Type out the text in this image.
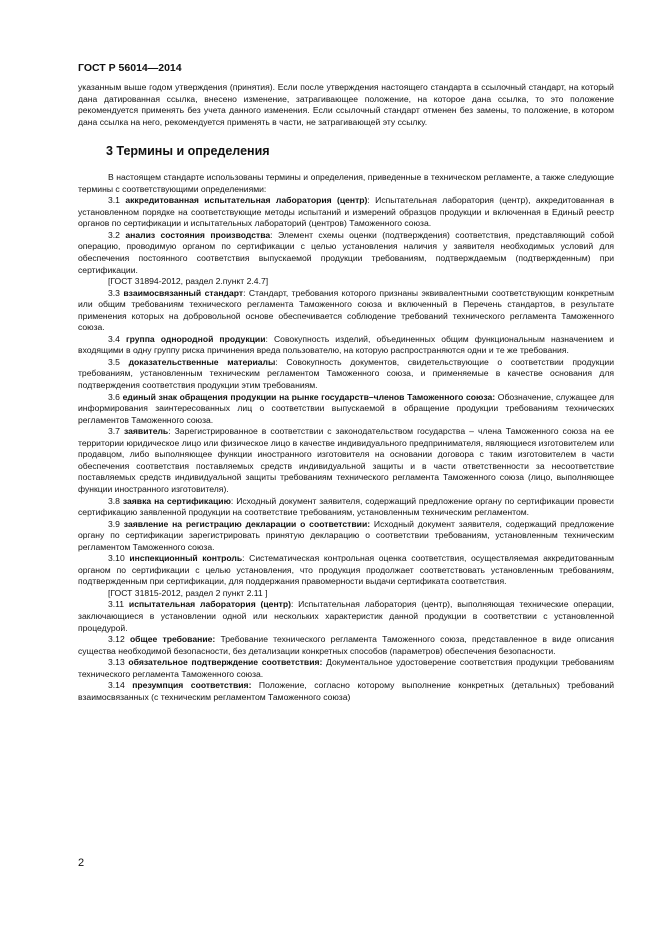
ГОСТ Р 56014—2014

указанным выше годом утверждения (принятия). Если после утверждения настоящего стандарта в ссылочный стандарт, на который дана датированная ссылка, внесено изменение, затрагивающее положение, на которое дана ссылка, то это положение рекомендуется применять без учета данного изменения. Если ссылочный стандарт отменен без замены, то положение, в котором дана ссылка на него, рекомендуется применять в части, не затрагивающей эту ссылку.

3 Термины и определения

В настоящем стандарте использованы термины и определения, приведенные в техническом регламенте, а также следующие термины с соответствующими определениями:

3.1 аккредитованная испытательная лаборатория (центр): Испытательная лаборатория (центр), аккредитованная в установленном порядке на соответствующие методы испытаний и измерений образцов продукции и включенная в Единый реестр органов по сертификации и испытательных лабораторий (центров) Таможенного союза.

3.2 анализ состояния производства: Элемент схемы оценки (подтверждения) соответствия, представляющий собой операцию, проводимую органом по сертификации с целью установления наличия у заявителя необходимых условий для обеспечения постоянного соответствия выпускаемой продукции требованиям, подтверждаемым (подтвержденным) при сертификации.

[ГОСТ 31894-2012, раздел 2.пункт 2.4.7]

3.3 взаимосвязанный стандарт: Стандарт, требования которого признаны эквивалентными соответствующим конкретным или общим требованиям технического регламента Таможенного союза и включенный в Перечень стандартов, в результате применения которых на добровольной основе обеспечивается соблюдение требований технического регламента Таможенного союза.

3.4 группа однородной продукции: Совокупность изделий, объединенных общим функциональным назначением и входящими в одну группу риска причинения вреда пользователю, на которую распространяются одни и те же требования.

3.5 доказательственные материалы: Совокупность документов, свидетельствующие о соответствии продукции требованиям, установленным техническим регламентом Таможенного союза, и применяемые в качестве основания для подтверждения соответствия продукции этим требованиям.

3.6 единый знак обращения продукции на рынке государств–членов Таможенного союза: Обозначение, служащее для информирования заинтересованных лиц о соответствии выпускаемой в обращение продукции требованиям технических регламентов Таможенного союза.

3.7 заявитель: Зарегистрированное в соответствии с законодательством государства – члена Таможенного союза на ее территории юридическое лицо или физическое лицо в качестве индивидуального предпринимателя, являющиеся изготовителем или продавцом, либо выполняющее функции иностранного изготовителя на основании договора с таким изготовителем в части обеспечения соответствия поставляемых средств индивидуальной защиты и в части ответственности за несоответствие поставляемых средств индивидуальной защиты требованиям технического регламента Таможенного союза (лицо, выполняющее функции иностранного изготовителя).

3.8 заявка на сертификацию: Исходный документ заявителя, содержащий предложение органу по сертификации провести сертификацию заявленной продукции на соответствие требованиям, установленным техническим регламентом.

3.9 заявление на регистрацию декларации о соответствии: Исходный документ заявителя, содержащий предложение органу по сертификации зарегистрировать принятую декларацию о соответствии требованиям, установленным техническим регламентом Таможенного союза.

3.10 инспекционный контроль: Систематическая контрольная оценка соответствия, осуществляемая аккредитованным органом по сертификации с целью установления, что продукция продолжает соответствовать установленным требованиям, подтвержденным при сертификации, для поддержания правомерности выдачи сертификата соответствия.

[ГОСТ 31815-2012, раздел 2 пункт 2.11 ]

3.11 испытательная лаборатория (центр): Испытательная лаборатория (центр), выполняющая технические операции, заключающиеся в установлении одной или нескольких характеристик данной продукции в соответствии с установленной процедурой.

3.12 общее требование: Требование технического регламента Таможенного союза, представленное в виде описания существа необходимой безопасности, без детализации конкретных способов (параметров) обеспечения безопасности.

3.13 обязательное подтверждение соответствия: Документальное удостоверение соответствия продукции требованиям технического регламента Таможенного союза.

3.14 презумпция соответствия: Положение, согласно которому выполнение конкретных (детальных) требований взаимосвязанных (с техническим регламентом Таможенного союза)

2
